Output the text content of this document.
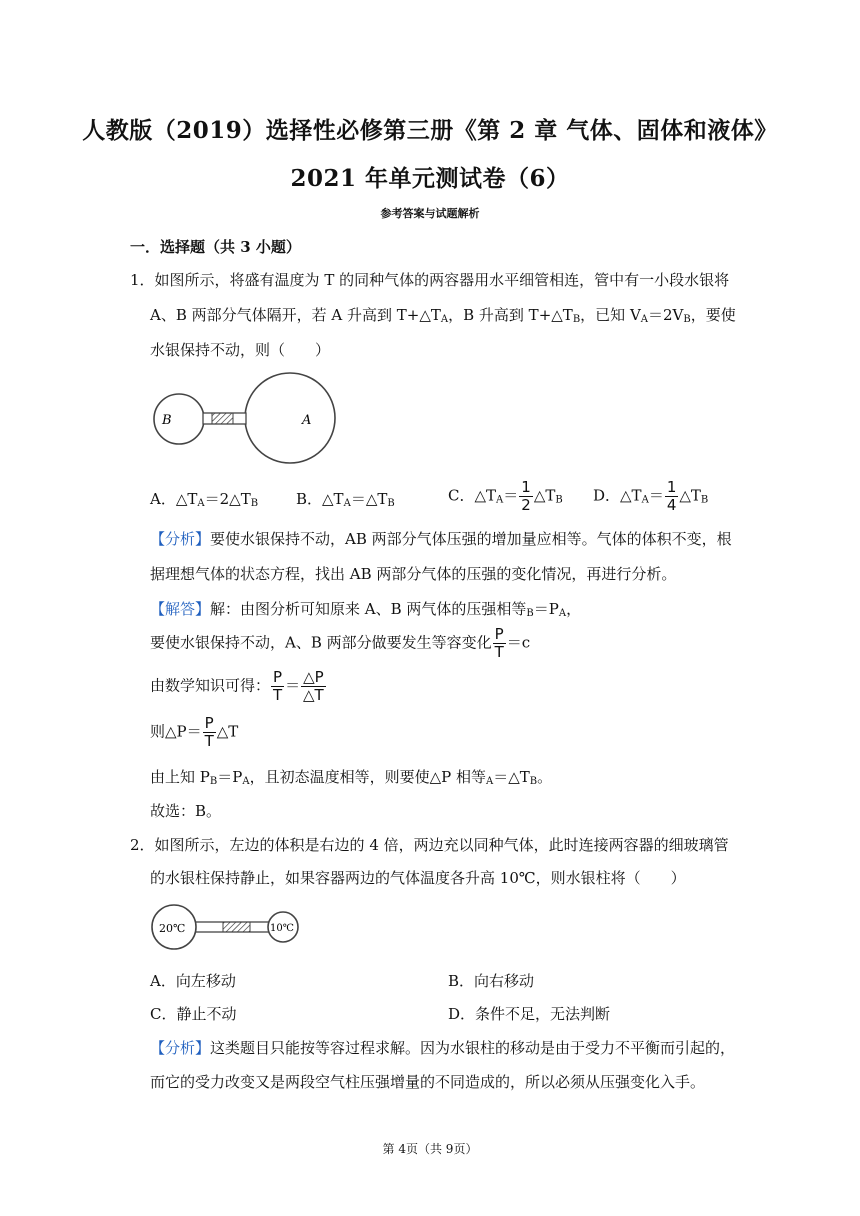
人教版（2019）选择性必修第三册《第 2 章 气体、固体和液体》
2021 年单元测试卷（6）
参考答案与试题解析
一．选择题（共 3 小题）
1．如图所示，将盛有温度为 T 的同种气体的两容器用水平细管相连，管中有一小段水银将
A、B 两部分气体隔开，若 A 升高到 $T+\triangle T_A$，B 升高到 $T+\triangle T_B$，已知 $V_A=2V_B$，要使
水银保持不动，则（　　）
B	A
A．$\triangle T_A=2\triangle T_B$	B．$\triangle T_A=\triangle T_B$	C．$\triangle T_A= \frac{1}{2}$ $\triangle T_B$ D．$\triangle T_A= \frac{1}{4}$ $\triangle T_B$
【分析】要使水银保持不动，AB 两部分气体压强的增加量应相等。气体的体积不变，根
据理想气体的状态方程，找出 AB 两部分气体的压强的变化情况，再进行分析。
【解答】解：由图分析可知原来 A、B 两气体的压强相等$_B=P_A$，
要使水银保持不动，A、B 两部分做要发生等容变化 $\frac{P}{T} =c$
由数学知识可得： $\frac{P}{T} = \frac{\triangle P}{\triangle T}$
则△P＝ $\frac{P}{T}$ △T
由上知 $P_B=P_A$，且初态温度相等，则要使△P 相等$_A=\triangle T_B$。
故选：B。
2．如图所示，左边的体积是右边的 4 倍，两边充以同种气体，此时连接两容器的细玻璃管
的水银柱保持静止，如果容器两边的气体温度各升高 10℃，则水银柱将（　　）
20℃	10℃
A．向左移动	B．向右移动
C．静止不动	D．条件不足，无法判断
【分析】这类题目只能按等容过程求解。因为水银柱的移动是由于受力不平衡而引起的，
而它的受力改变又是两段空气柱压强增量的不同造成的，所以必须从压强变化入手。
第 4页（共 9页）
